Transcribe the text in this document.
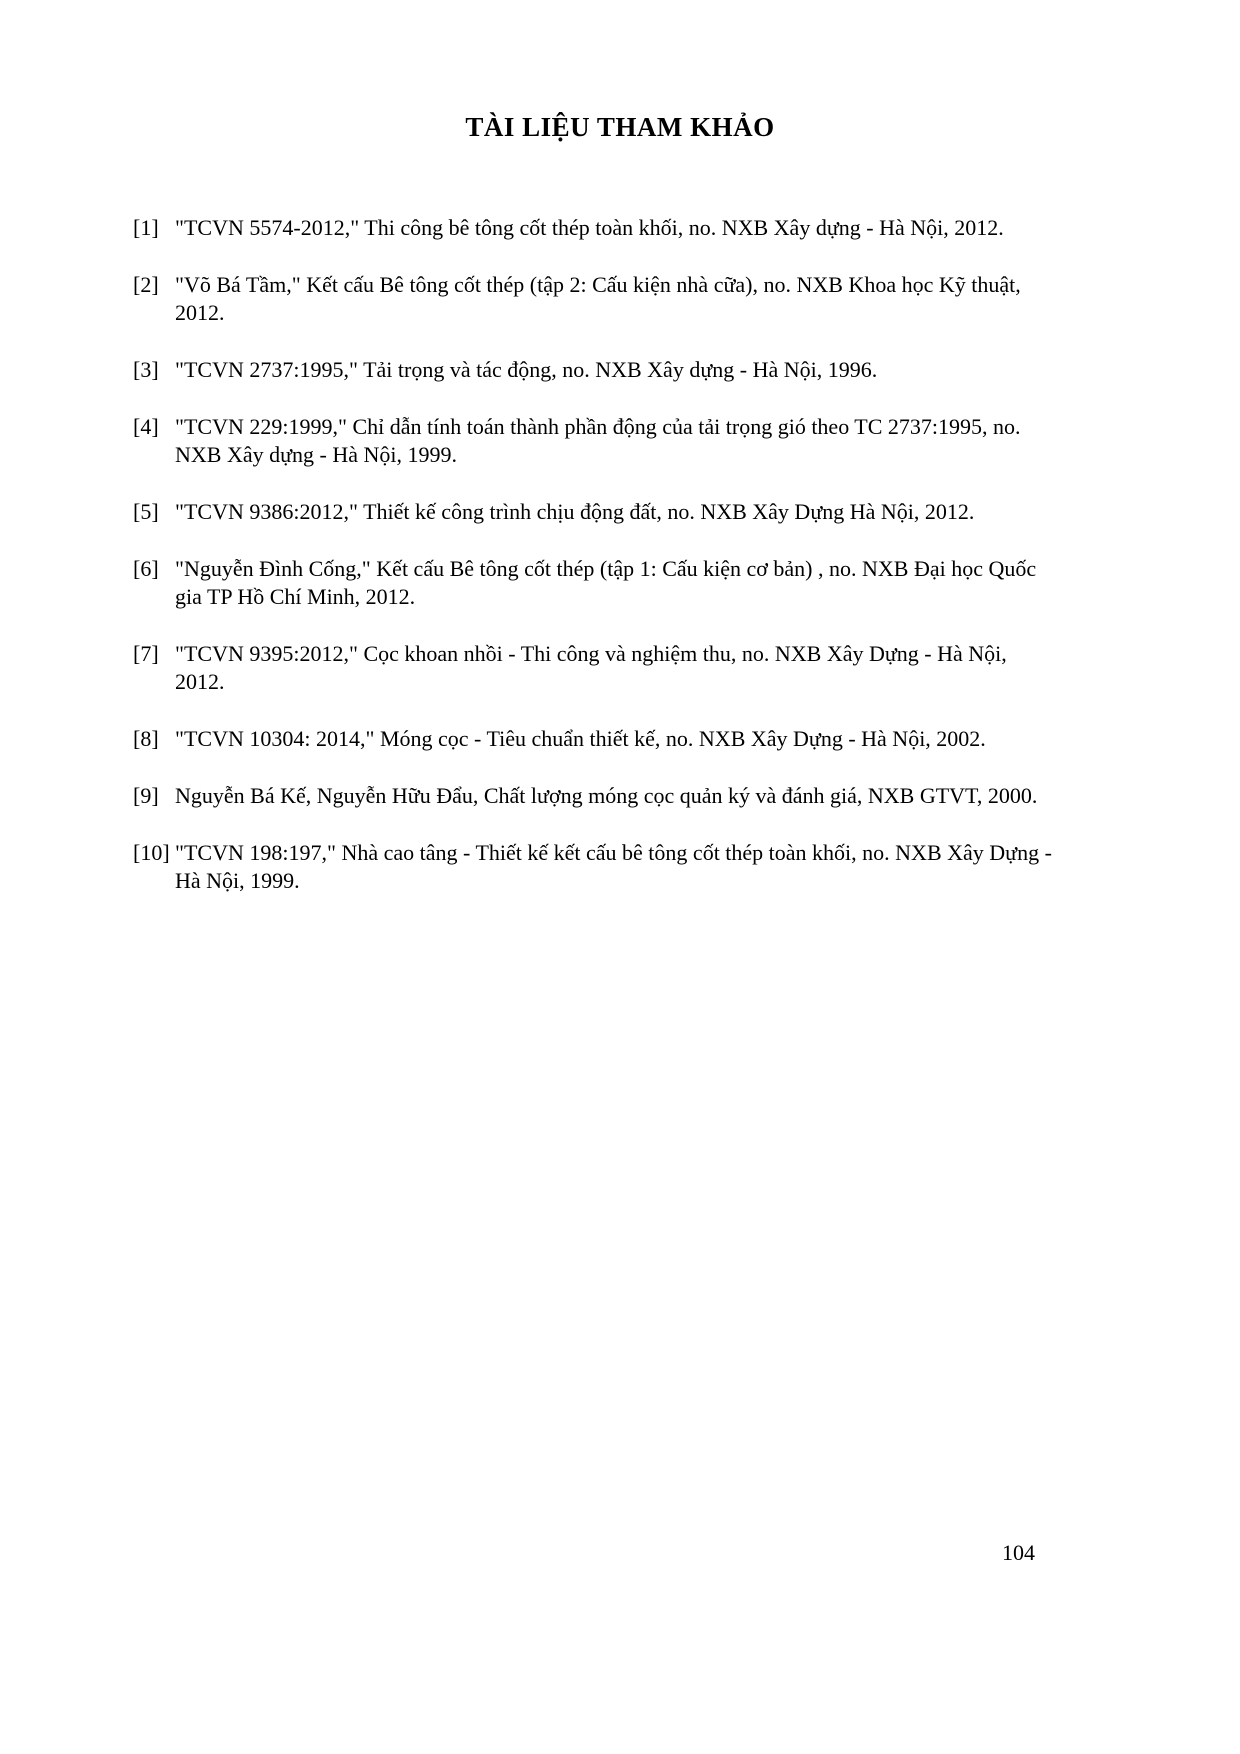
TÀI LIỆU THAM KHẢO
[1] "TCVN 5574-2012," Thi công bê tông cốt thép toàn khối, no. NXB Xây dựng - Hà Nội, 2012.
[2] "Võ Bá Tầm," Kết cấu Bê tông cốt thép (tập 2: Cấu kiện nhà cữa), no. NXB Khoa học Kỹ thuật, 2012.
[3] "TCVN 2737:1995," Tải trọng và tác động, no. NXB Xây dựng - Hà Nội, 1996.
[4] "TCVN 229:1999," Chỉ dẫn tính toán thành phần động của tải trọng gió theo TC 2737:1995, no. NXB Xây dựng - Hà Nội, 1999.
[5] "TCVN 9386:2012," Thiết kế công trình chịu động đất, no. NXB Xây Dựng Hà Nội, 2012.
[6] "Nguyễn Đình Cống," Kết cấu Bê tông cốt thép (tập 1: Cấu kiện cơ bản) , no. NXB Đại học Quốc gia TP Hồ Chí Minh, 2012.
[7] "TCVN 9395:2012," Cọc khoan nhồi - Thi công và nghiệm thu, no. NXB Xây Dựng - Hà Nội, 2012.
[8] "TCVN 10304: 2014," Móng cọc - Tiêu chuẩn thiết kế, no. NXB Xây Dựng - Hà Nội, 2002.
[9] Nguyễn Bá Kế, Nguyễn Hữu Đẩu, Chất lượng móng cọc quản ký và đánh giá, NXB GTVT, 2000.
[10] "TCVN 198:197," Nhà cao tâng - Thiết kế kết cấu bê tông cốt thép toàn khối, no. NXB Xây Dựng - Hà Nội, 1999.
104
